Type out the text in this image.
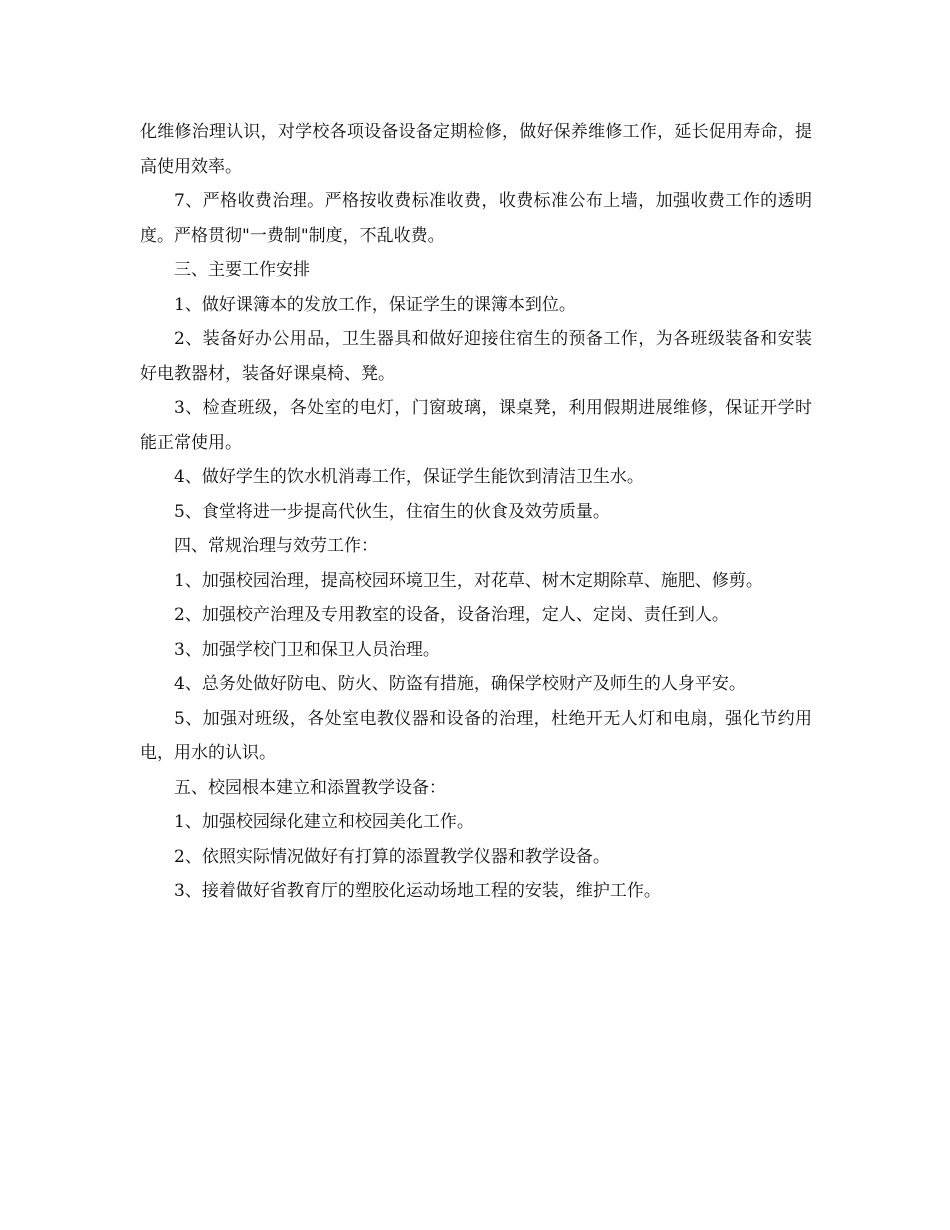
化维修治理认识，对学校各项设备设备定期检修，做好保养维修工作，延长促用寿命，提高使用效率。

7、严格收费治理。严格按收费标准收费，收费标准公布上墙，加强收费工作的透明度。严格贯彻"一费制"制度，不乱收费。

三、主要工作安排

1、做好课簿本的发放工作，保证学生的课簿本到位。

2、装备好办公用品，卫生器具和做好迎接住宿生的预备工作，为各班级装备和安装好电教器材，装备好课桌椅、凳。

3、检查班级，各处室的电灯，门窗玻璃，课桌凳，利用假期进展维修，保证开学时能正常使用。

4、做好学生的饮水机消毒工作，保证学生能饮到清洁卫生水。

5、食堂将进一步提高代伙生，住宿生的伙食及效劳质量。

四、常规治理与效劳工作：

1、加强校园治理，提高校园环境卫生，对花草、树木定期除草、施肥、修剪。

2、加强校产治理及专用教室的设备，设备治理，定人、定岗、责任到人。

3、加强学校门卫和保卫人员治理。

4、总务处做好防电、防火、防盗有措施，确保学校财产及师生的人身平安。

5、加强对班级，各处室电教仪器和设备的治理，杜绝开无人灯和电扇，强化节约用电，用水的认识。

五、校园根本建立和添置教学设备：

1、加强校园绿化建立和校园美化工作。

2、依照实际情况做好有打算的添置教学仪器和教学设备。

3、接着做好省教育厅的塑胶化运动场地工程的安装，维护工作。
